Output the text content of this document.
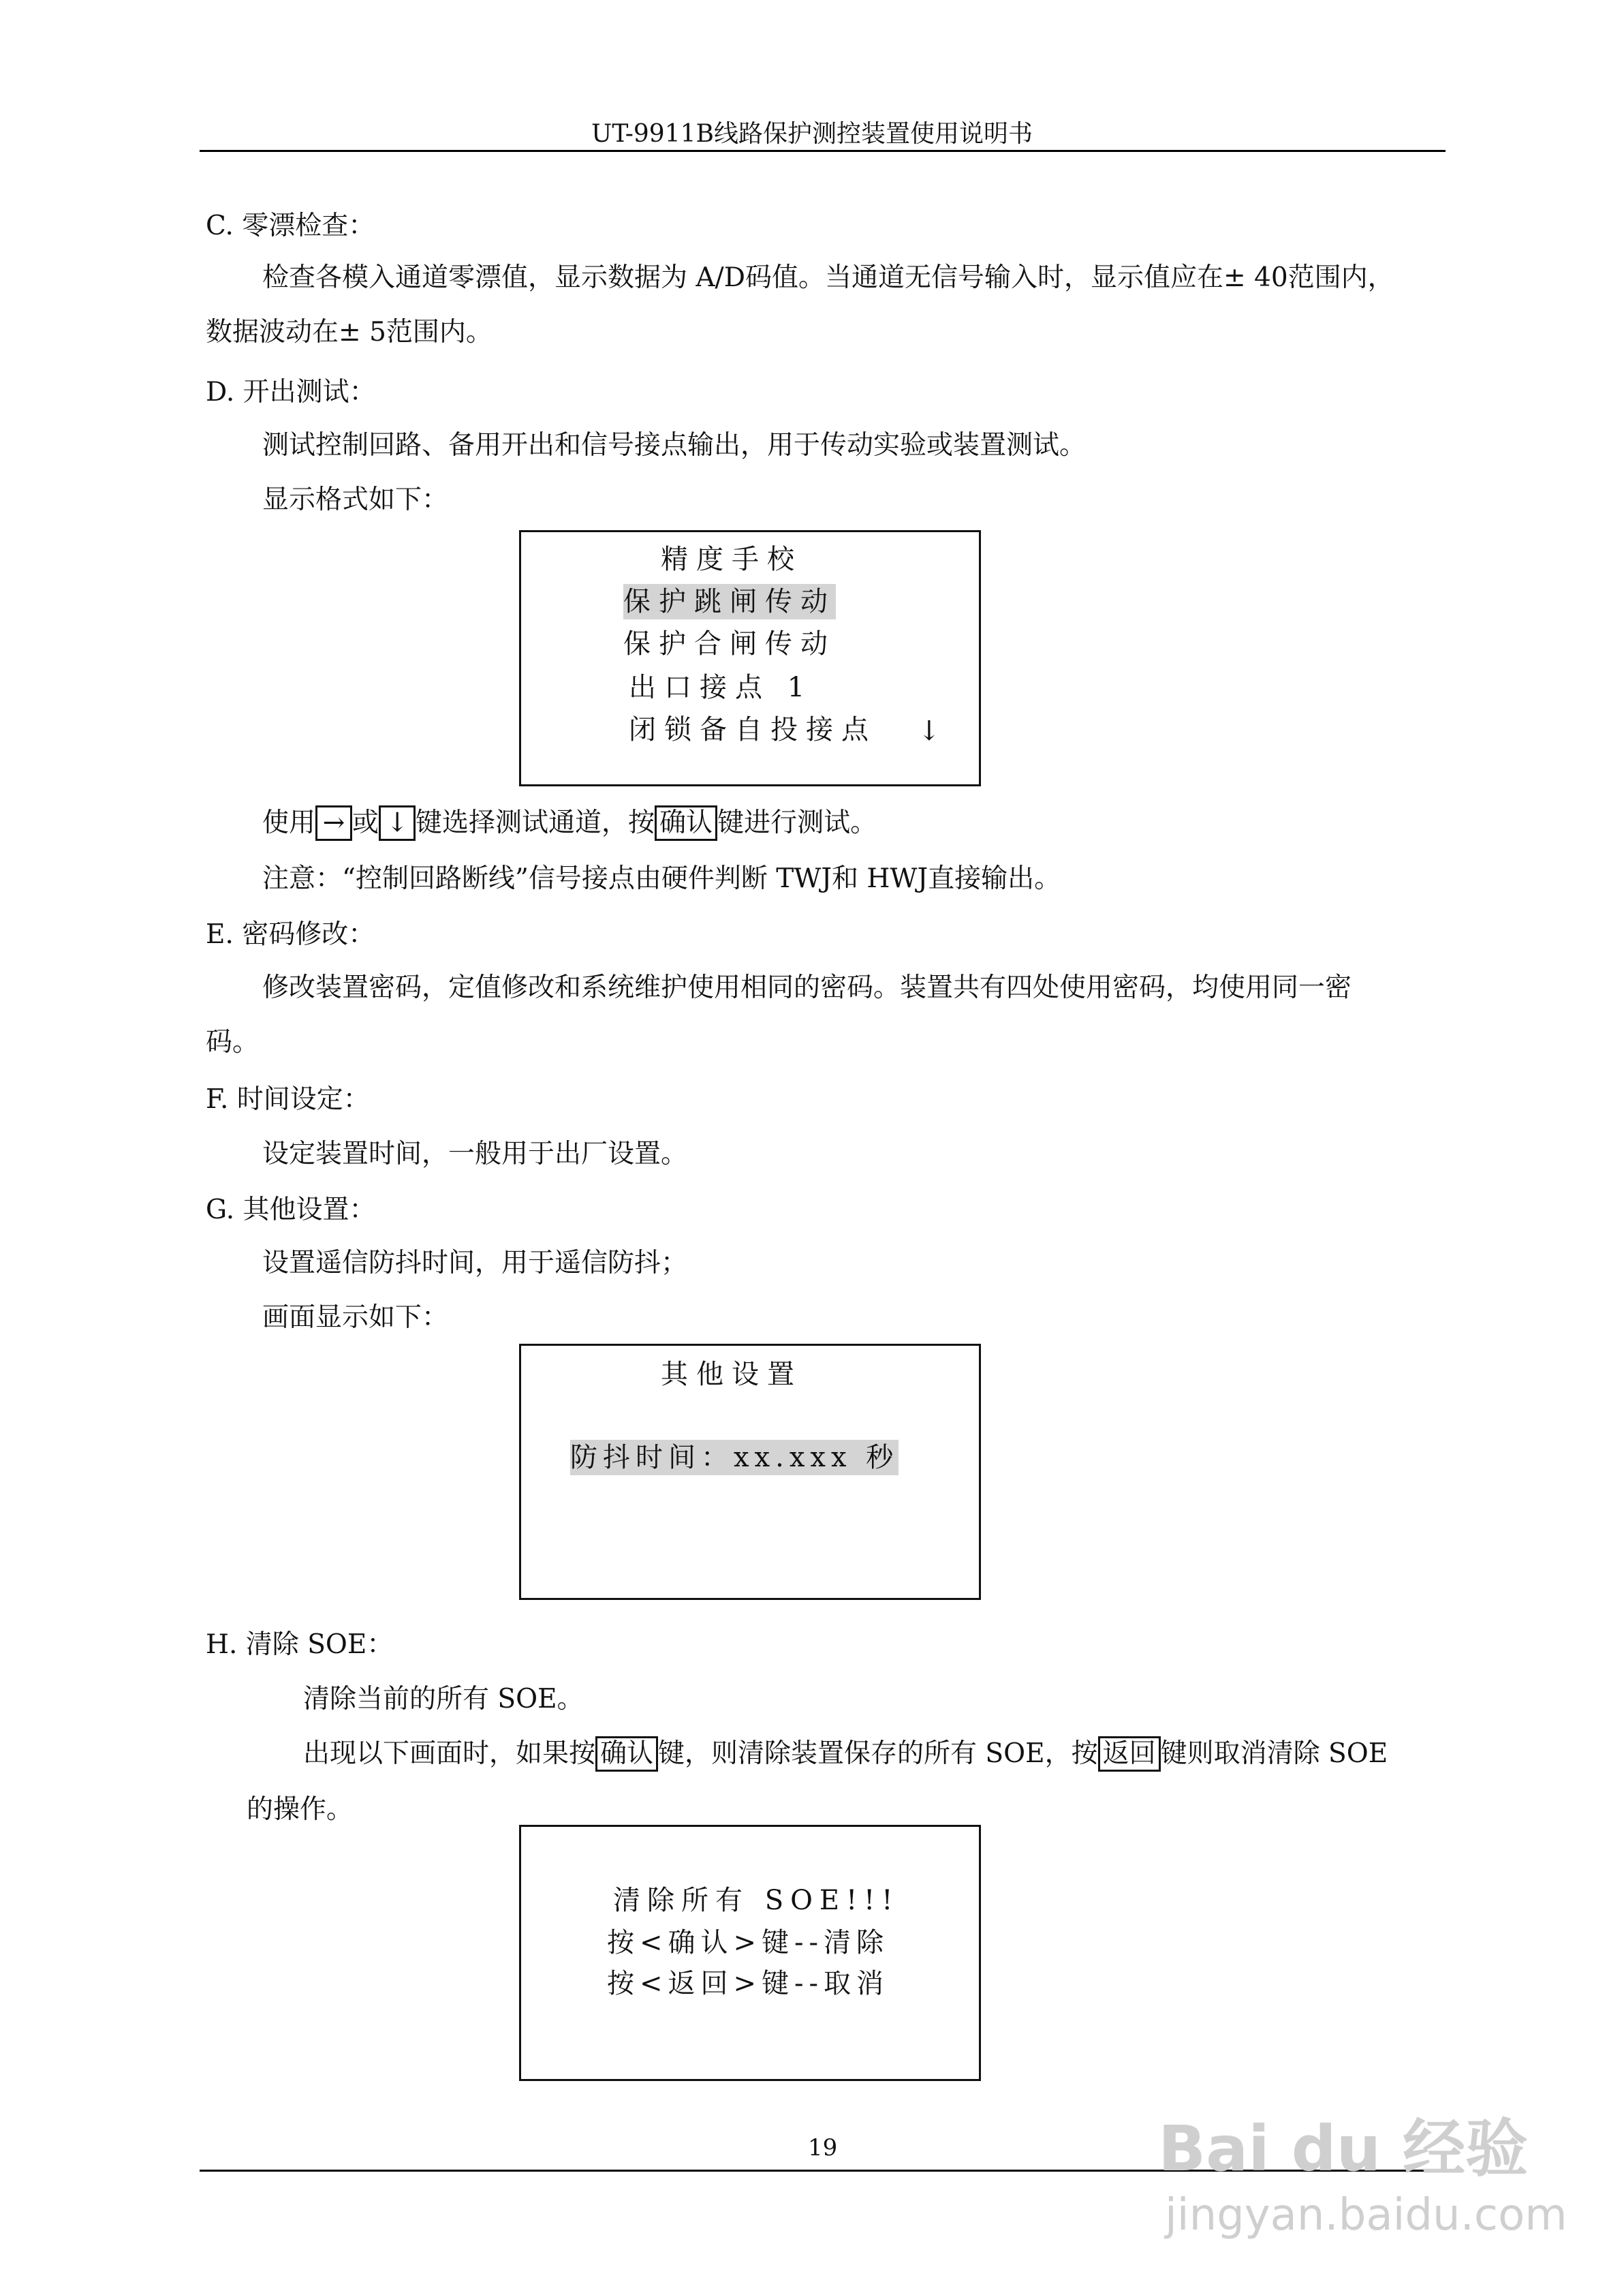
UT-9911B线路保护测控装置使用说明书
C. 零漂检查：
检查各模入通道零漂值，显示数据为 A/D码值。当通道无信号输入时，显示值应在± 40范围内，
数据波动在± 5范围内。
D. 开出测试：
测试控制回路、备用开出和信号接点输出，用于传动实验或装置测试。
显示格式如下：
精度手校
保护跳闸传动
保护合闸传动
出口接点 1
闭锁备自投接点 ↓
使用 → 或 ↓ 键选择测试通道，按 确认 键进行测试。
注意：“控制回路断线”信号接点由硬件判断 TWJ和 HWJ直接输出。
E. 密码修改：
修改装置密码，定值修改和系统维护使用相同的密码。装置共有四处使用密码，均使用同一密
码。
F. 时间设定：
设定装置时间，一般用于出厂设置。
G. 其他设置：
设置遥信防抖时间，用于遥信防抖；
画面显示如下：
其他设置
防抖时间：xx.xxx 秒
H. 清除 SOE：
清除当前的所有 SOE。
出现以下画面时，如果按 确认 键，则清除装置保存的所有 SOE，按 返回 键则取消清除 SOE
的操作。
清除所有 SOE!!!
按<确认>键--清除
按<返回>键--取消
19	Bai du 经验
jingyan.baidu.com
